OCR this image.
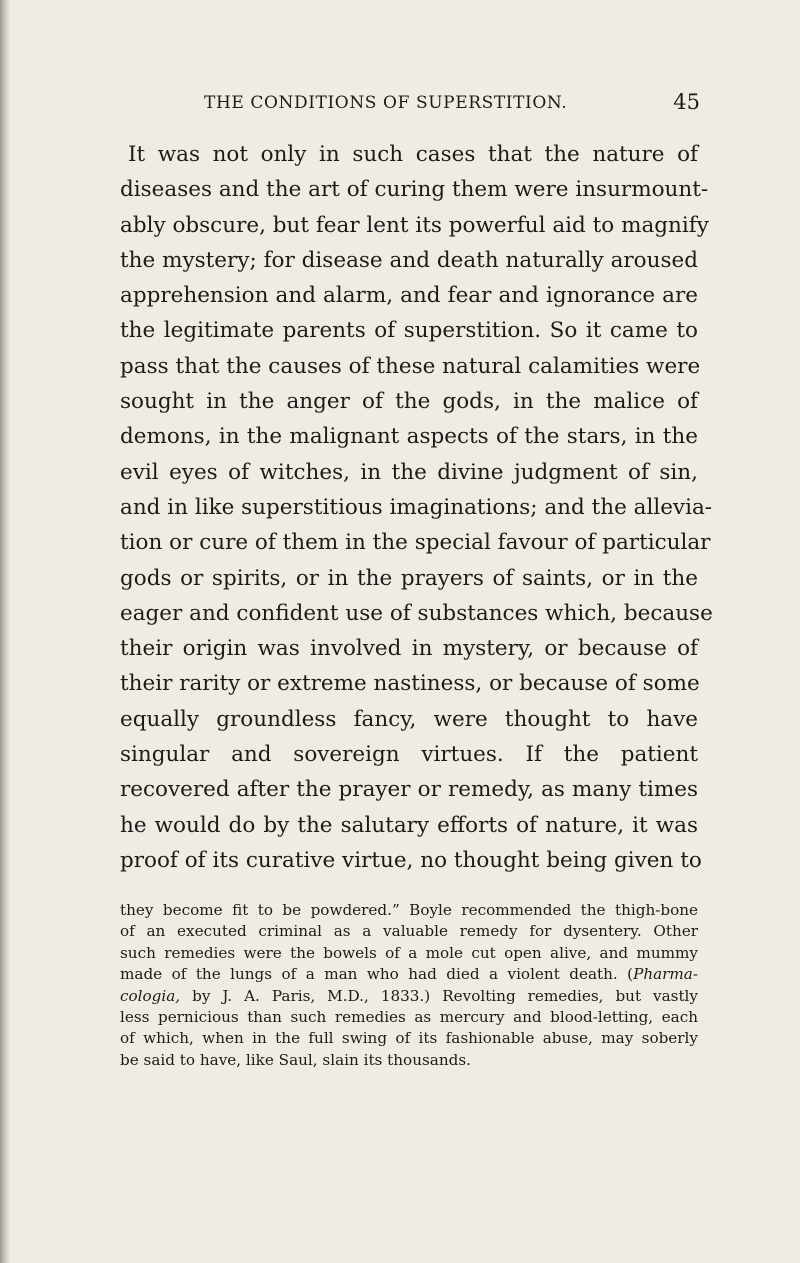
THE CONDITIONS OF SUPERSTITION.	45
It was not only in such cases that the nature of
diseases and the art of curing them were insurmount-
ably obscure, but fear lent its powerful aid to magnify
the mystery; for disease and death naturally aroused
apprehension and alarm, and fear and ignorance are
the legitimate parents of superstition. So it came to
pass that the causes of these natural calamities were
sought in the anger of the gods, in the malice of
demons, in the malignant aspects of the stars, in the
evil eyes of witches, in the divine judgment of sin,
and in like superstitious imaginations; and the allevia-
tion or cure of them in the special favour of particular
gods or spirits, or in the prayers of saints, or in the
eager and confident use of substances which, because
their origin was involved in mystery, or because of
their rarity or extreme nastiness, or because of some
equally groundless fancy, were thought to have
singular and sovereign virtues. If the patient
recovered after the prayer or remedy, as many times
he would do by the salutary efforts of nature, it was
proof of its curative virtue, no thought being given to
they become fit to be powdered.” Boyle recommended the thigh-bone
of an executed criminal as a valuable remedy for dysentery. Other
such remedies were the bowels of a mole cut open alive, and mummy
made of the lungs of a man who had died a violent death. (Pharma-
cologia, by J. A. Paris, M.D., 1833.) Revolting remedies, but vastly
less pernicious than such remedies as mercury and blood-letting, each
of which, when in the full swing of its fashionable abuse, may soberly
be said to have, like Saul, slain its thousands.
